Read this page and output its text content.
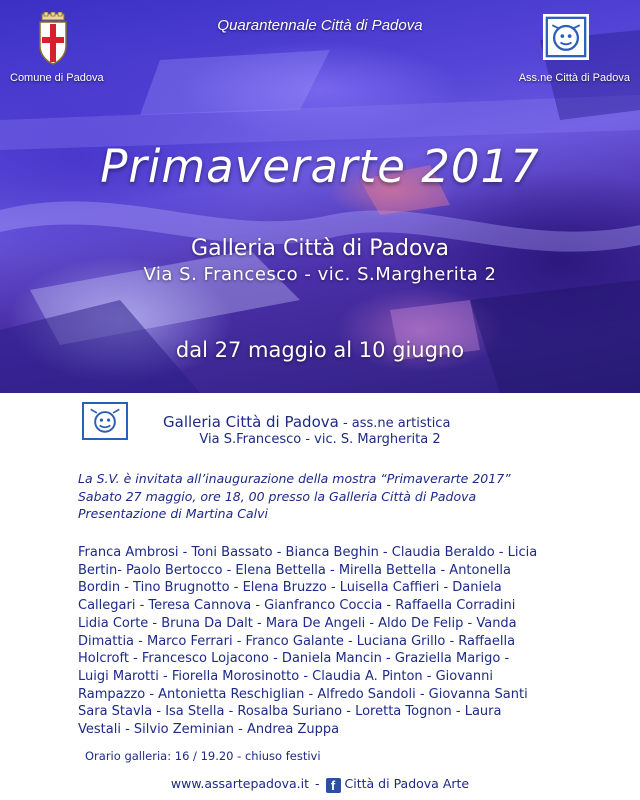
Quarantennale Città di Padova
Comune di Padova	Ass.ne Città di Padova
Primaverarte 2017
Galleria Città di Padova
Via S. Francesco - vic. S.Margherita 2
dal 27 maggio al 10 giugno
Galleria Città di Padova - ass.ne artistica
Via S.Francesco - vic. S. Margherita 2
La S.V. è invitata all’inaugurazione della mostra “Primaverarte 2017”
Sabato 27 maggio, ore 18, 00 presso la Galleria Città di Padova
Presentazione di Martina Calvi
Franca Ambrosi - Toni Bassato - Bianca Beghin - Claudia Beraldo - Licia
Bertin- Paolo Bertocco - Elena Bettella - Mirella Bettella - Antonella
Bordin - Tino Brugnotto - Elena Bruzzo - Luisella Caffieri - Daniela
Callegari - Teresa Cannova - Gianfranco Coccia - Raffaella Corradini
Lidia Corte - Bruna Da Dalt - Mara De Angeli - Aldo De Felip - Vanda
Dimattia - Marco Ferrari - Franco Galante - Luciana Grillo - Raffaella
Holcroft - Francesco Lojacono - Daniela Mancin - Graziella Marigo -
Luigi Marotti - Fiorella Morosinotto - Claudia A. Pinton - Giovanni
Rampazzo - Antonietta Reschiglian - Alfredo Sandoli - Giovanna Santi
Sara Stavla - Isa Stella - Rosalba Suriano - Loretta Tognon - Laura
Vestali - Silvio Zeminian - Andrea Zuppa
Orario galleria: 16 / 19.20 - chiuso festivi
www.assartepadova.it - f Città di Padova Arte
